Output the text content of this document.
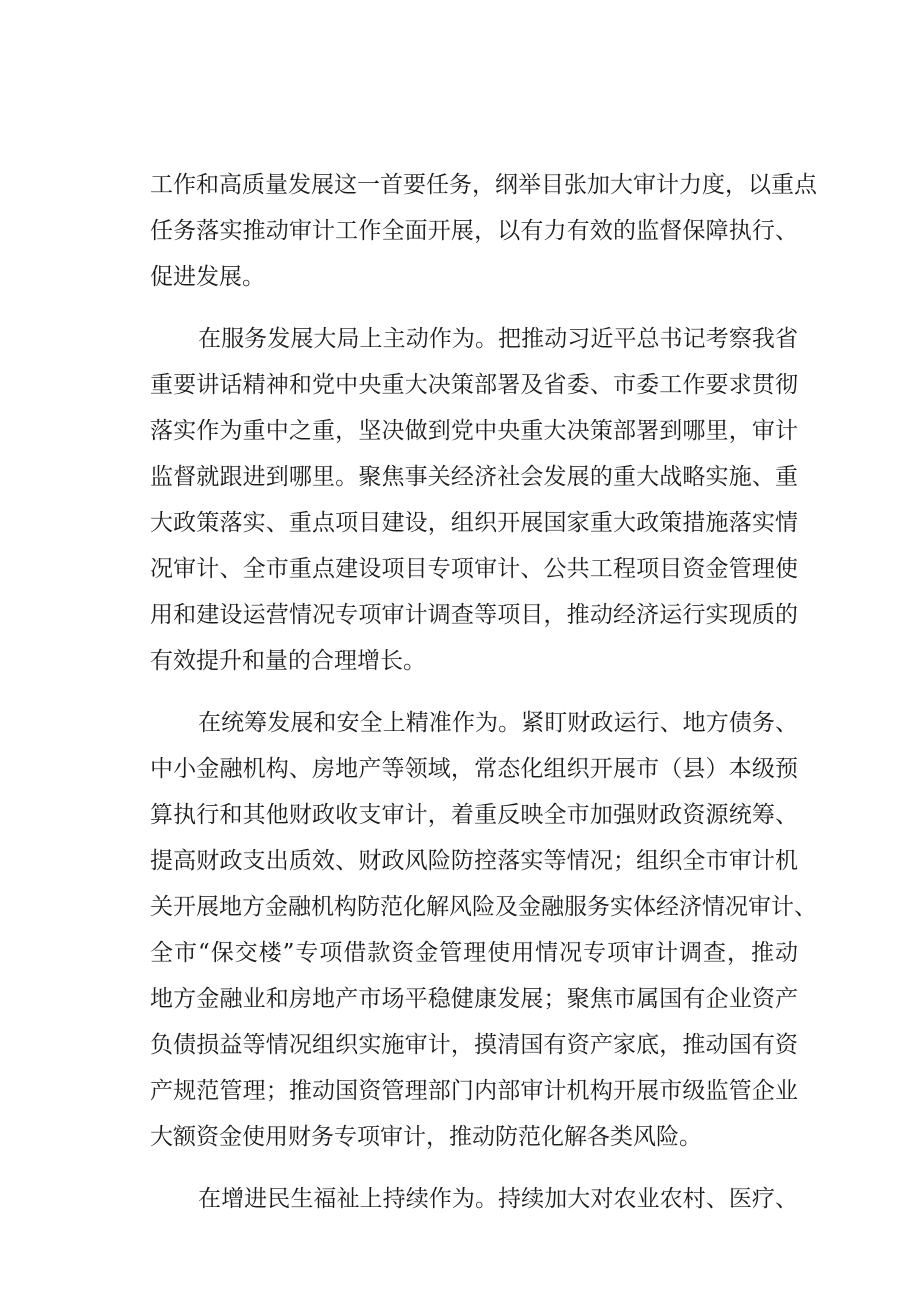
工作和高质量发展这一首要任务，纲举目张加大审计力度，以重点
任务落实推动审计工作全面开展，以有力有效的监督保障执行、
促进发展。
在服务发展大局上主动作为。把推动习近平总书记考察我省
重要讲话精神和党中央重大决策部署及省委、市委工作要求贯彻
落实作为重中之重，坚决做到党中央重大决策部署到哪里，审计
监督就跟进到哪里。聚焦事关经济社会发展的重大战略实施、重
大政策落实、重点项目建设，组织开展国家重大政策措施落实情
况审计、全市重点建设项目专项审计、公共工程项目资金管理使
用和建设运营情况专项审计调查等项目，推动经济运行实现质的
有效提升和量的合理增长。
在统筹发展和安全上精准作为。紧盯财政运行、地方债务、
中小金融机构、房地产等领域，常态化组织开展市（县）本级预
算执行和其他财政收支审计，着重反映全市加强财政资源统筹、
提高财政支出质效、财政风险防控落实等情况；组织全市审计机
关开展地方金融机构防范化解风险及金融服务实体经济情况审计、
全市“保交楼”专项借款资金管理使用情况专项审计调查，推动
地方金融业和房地产市场平稳健康发展；聚焦市属国有企业资产
负债损益等情况组织实施审计，摸清国有资产家底，推动国有资
产规范管理；推动国资管理部门内部审计机构开展市级监管企业
大额资金使用财务专项审计，推动防范化解各类风险。
在增进民生福祉上持续作为。持续加大对农业农村、医疗、
